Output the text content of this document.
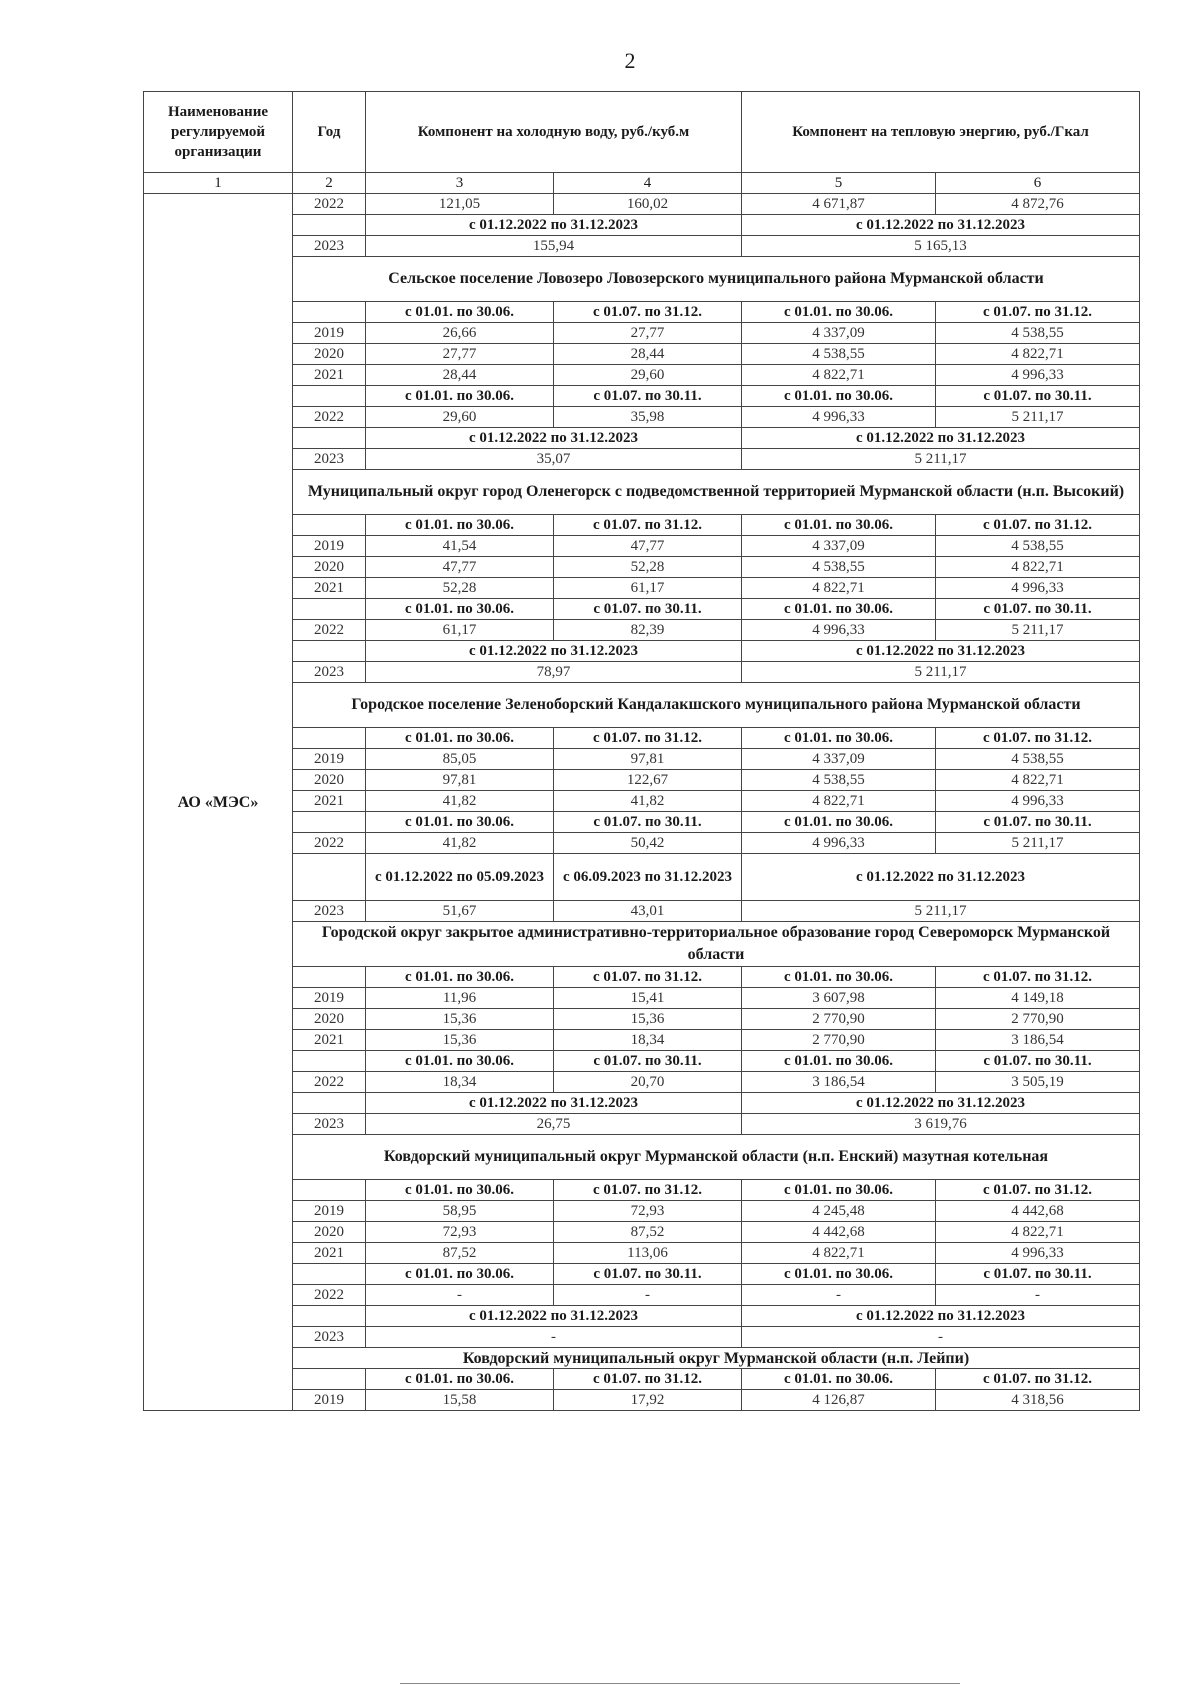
2
Наименование регулируемой организации	Год	Компонент на холодную воду, руб./куб.м		Компонент на тепловую энергию, руб./Гкал	
1	2	3	4	5	6
АО «МЭС»	2022	121,05	160,02	4 671,87	4 872,76
		с 01.12.2022 по 31.12.2023		с 01.12.2022 по 31.12.2023	
	2023	155,94		5 165,13	
	Сельское поселение Ловозеро Ловозерского муниципального района Мурманской области				
		с 01.01. по 30.06.	с 01.07. по 31.12.	с 01.01. по 30.06.	с 01.07. по 31.12.
	2019	26,66	27,77	4 337,09	4 538,55
	2020	27,77	28,44	4 538,55	4 822,71
	2021	28,44	29,60	4 822,71	4 996,33
		с 01.01. по 30.06.	с 01.07. по 30.11.	с 01.01. по 30.06.	с 01.07. по 30.11.
	2022	29,60	35,98	4 996,33	5 211,17
		с 01.12.2022 по 31.12.2023		с 01.12.2022 по 31.12.2023	
	2023	35,07		5 211,17	
	Муниципальный округ город Оленегорск с подведомственной территорией Мурманской области (н.п. Высокий)				
		с 01.01. по 30.06.	с 01.07. по 31.12.	с 01.01. по 30.06.	с 01.07. по 31.12.
	2019	41,54	47,77	4 337,09	4 538,55
	2020	47,77	52,28	4 538,55	4 822,71
	2021	52,28	61,17	4 822,71	4 996,33
		с 01.01. по 30.06.	с 01.07. по 30.11.	с 01.01. по 30.06.	с 01.07. по 30.11.
	2022	61,17	82,39	4 996,33	5 211,17
		с 01.12.2022 по 31.12.2023		с 01.12.2022 по 31.12.2023	
	2023	78,97		5 211,17	
	Городское поселение Зеленоборский Кандалакшского муниципального района Мурманской области				
		с 01.01. по 30.06.	с 01.07. по 31.12.	с 01.01. по 30.06.	с 01.07. по 31.12.
	2019	85,05	97,81	4 337,09	4 538,55
	2020	97,81	122,67	4 538,55	4 822,71
	2021	41,82	41,82	4 822,71	4 996,33
		с 01.01. по 30.06.	с 01.07. по 30.11.	с 01.01. по 30.06.	с 01.07. по 30.11.
	2022	41,82	50,42	4 996,33	5 211,17
		с 01.12.2022 по 05.09.2023	с 06.09.2023 по 31.12.2023	с 01.12.2022 по 31.12.2023	
	2023	51,67	43,01	5 211,17	
	Городской округ закрытое административно-территориальное образование город Североморск Мурманской области				
		с 01.01. по 30.06.	с 01.07. по 31.12.	с 01.01. по 30.06.	с 01.07. по 31.12.
	2019	11,96	15,41	3 607,98	4 149,18
	2020	15,36	15,36	2 770,90	2 770,90
	2021	15,36	18,34	2 770,90	3 186,54
		с 01.01. по 30.06.	с 01.07. по 30.11.	с 01.01. по 30.06.	с 01.07. по 30.11.
	2022	18,34	20,70	3 186,54	3 505,19
		с 01.12.2022 по 31.12.2023		с 01.12.2022 по 31.12.2023	
	2023	26,75		3 619,76	
	Ковдорский муниципальный округ Мурманской области (н.п. Енский) мазутная котельная				
		с 01.01. по 30.06.	с 01.07. по 31.12.	с 01.01. по 30.06.	с 01.07. по 31.12.
	2019	58,95	72,93	4 245,48	4 442,68
	2020	72,93	87,52	4 442,68	4 822,71
	2021	87,52	113,06	4 822,71	4 996,33
		с 01.01. по 30.06.	с 01.07. по 30.11.	с 01.01. по 30.06.	с 01.07. по 30.11.
	2022	-	-	-	-
		с 01.12.2022 по 31.12.2023		с 01.12.2022 по 31.12.2023	
	2023	-		-	
	Ковдорский муниципальный округ Мурманской области (н.п. Лейпи)				
		с 01.01. по 30.06.	с 01.07. по 31.12.	с 01.01. по 30.06.	с 01.07. по 31.12.
	2019	15,58	17,92	4 126,87	4 318,56
